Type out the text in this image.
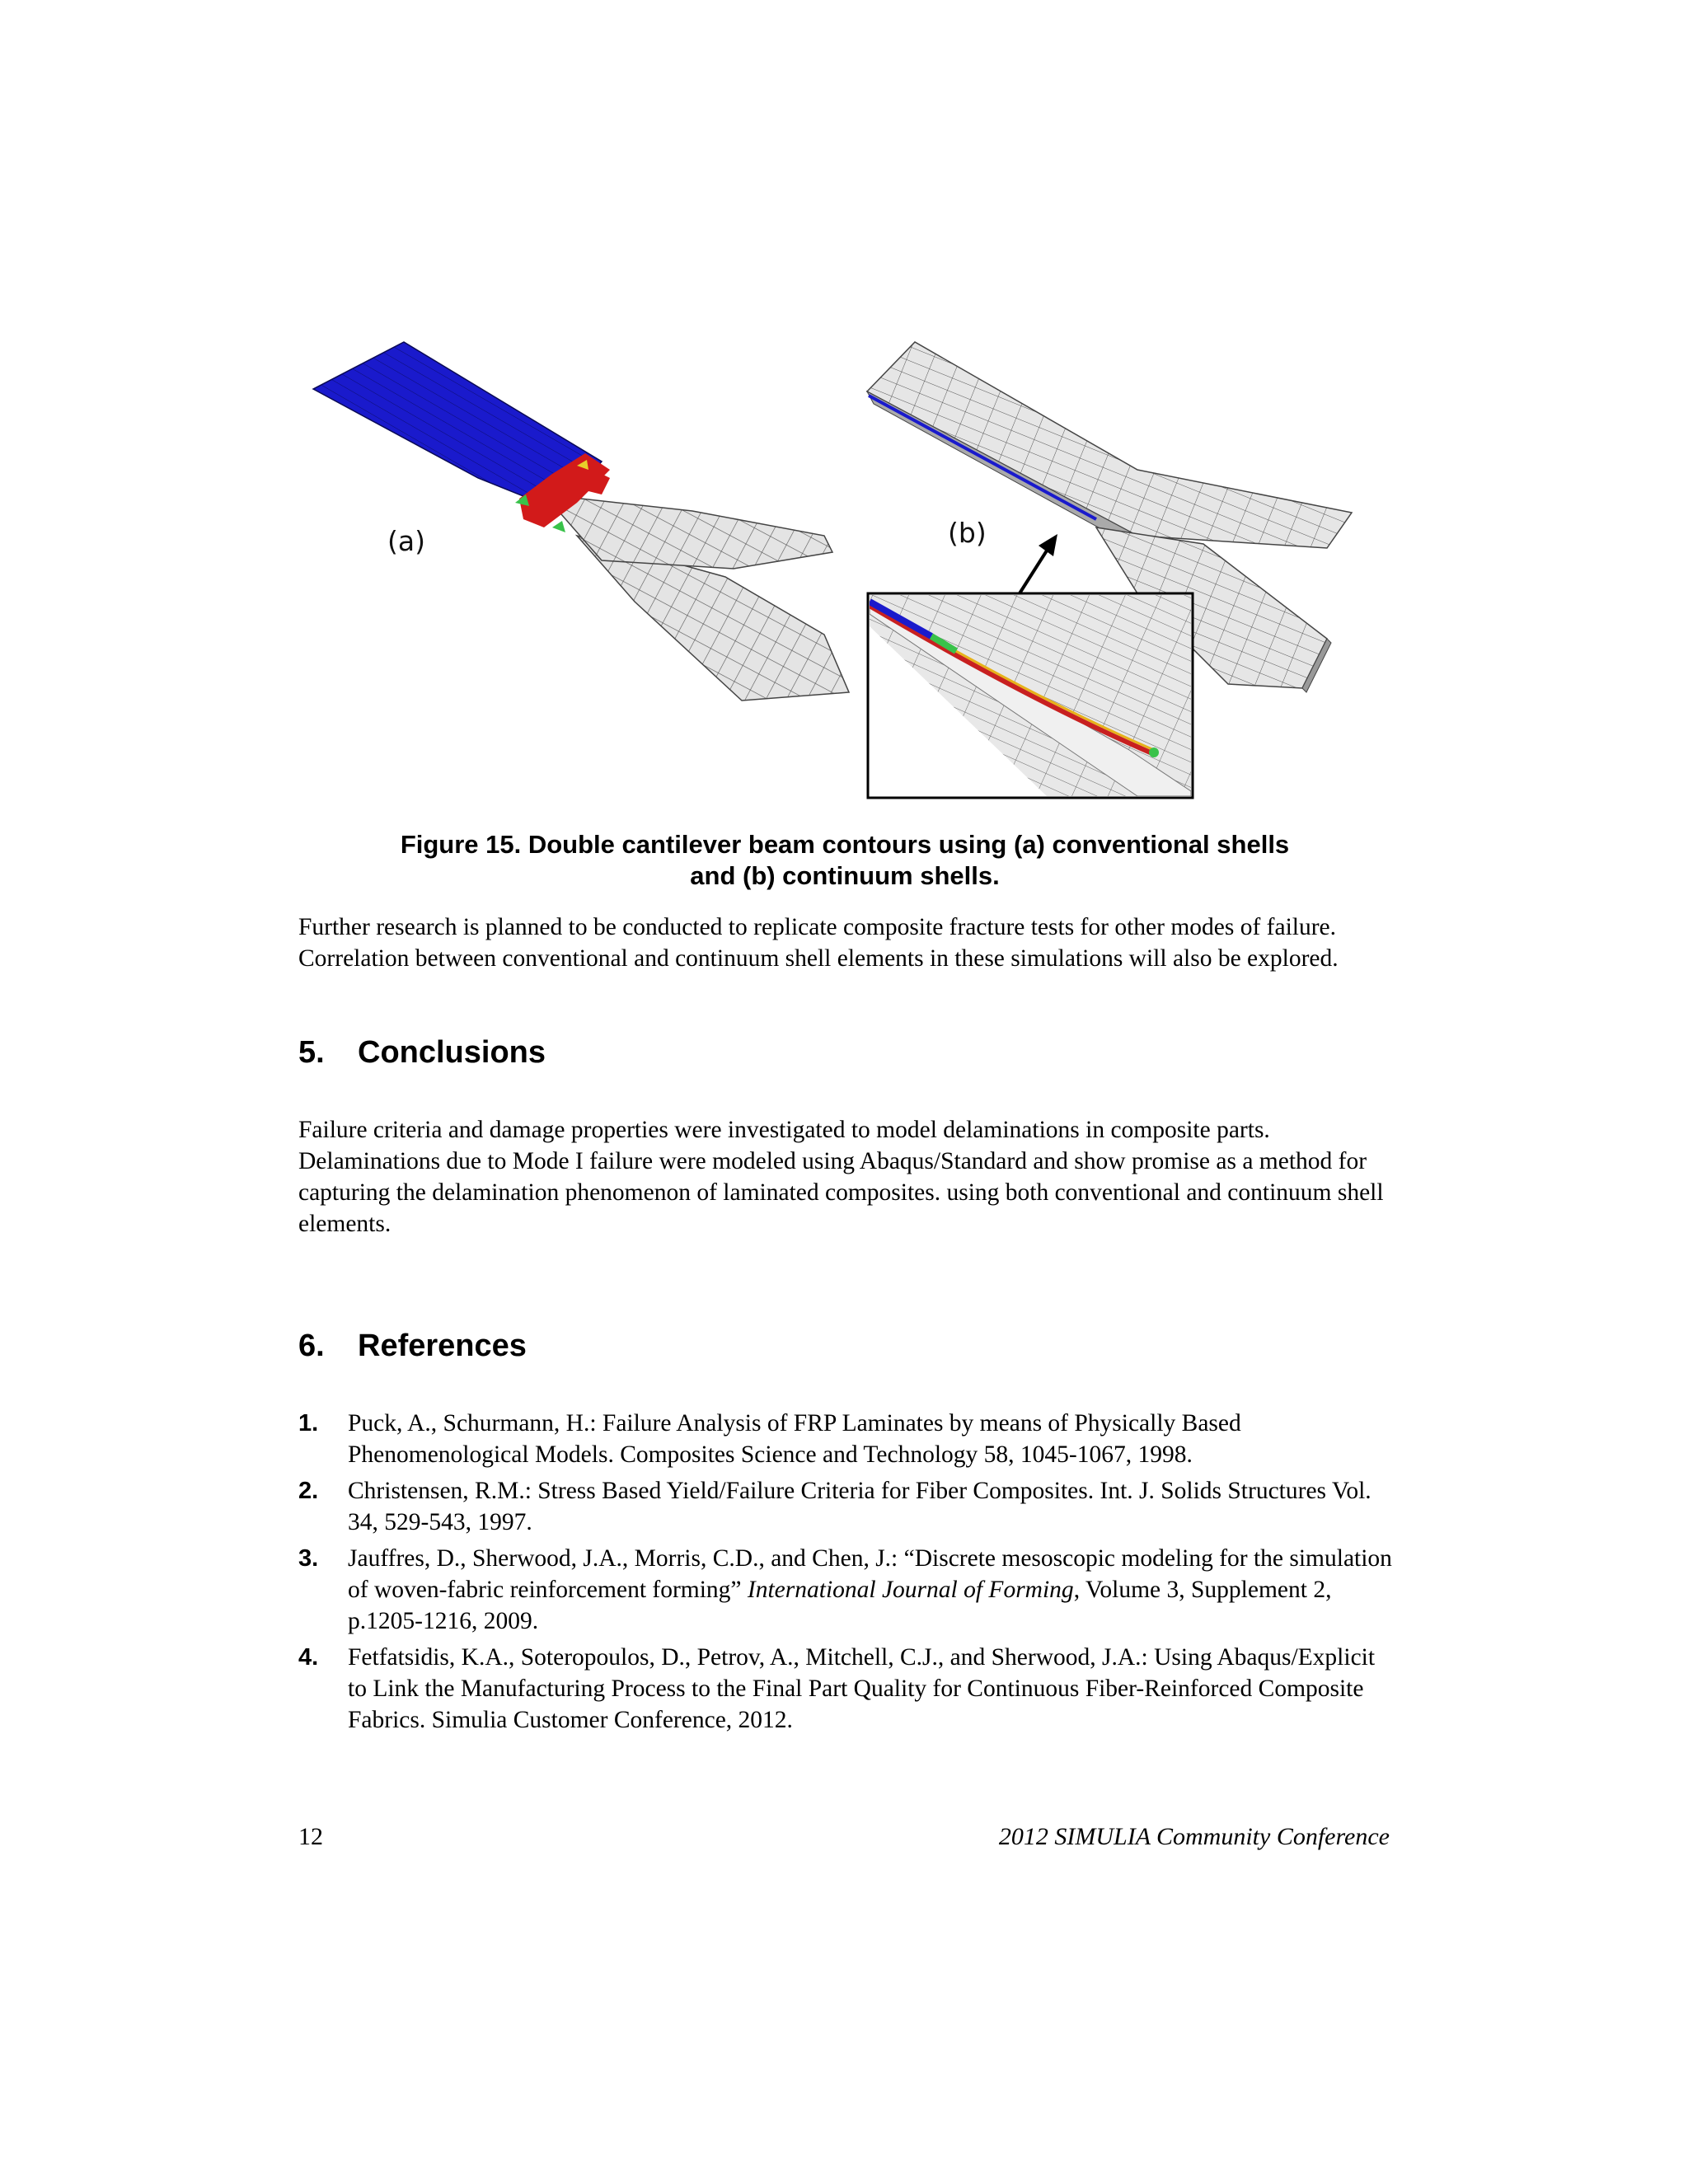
(a)	(b)
Figure 15. Double cantilever beam contours using (a) conventional shells
and (b) continuum shells.

Further research is planned to be conducted to replicate composite fracture tests for other modes of failure. Correlation between conventional and continuum shell elements in these simulations will also be explored.

5. Conclusions

Failure criteria and damage properties were investigated to model delaminations in composite parts. Delaminations due to Mode I failure were modeled using Abaqus/Standard and show promise as a method for capturing the delamination phenomenon of laminated composites. using both conventional and continuum shell elements.

6. References
1. Puck, A., Schurmann, H.: Failure Analysis of FRP Laminates by means of Physically Based Phenomenological Models. Composites Science and Technology 58, 1045-1067, 1998.
2. Christensen, R.M.: Stress Based Yield/Failure Criteria for Fiber Composites. Int. J. Solids Structures Vol. 34, 529-543, 1997.
3. Jauffres, D., Sherwood, J.A., Morris, C.D., and Chen, J.: “Discrete mesoscopic modeling for the simulation of woven-fabric reinforcement forming” International Journal of Forming, Volume 3, Supplement 2, p.1205-1216, 2009.
4. Fetfatsidis, K.A., Soteropoulos, D., Petrov, A., Mitchell, C.J., and Sherwood, J.A.: Using Abaqus/Explicit to Link the Manufacturing Process to the Final Part Quality for Continuous Fiber-Reinforced Composite Fabrics. Simulia Customer Conference, 2012.
12	2012 SIMULIA Community Conference
